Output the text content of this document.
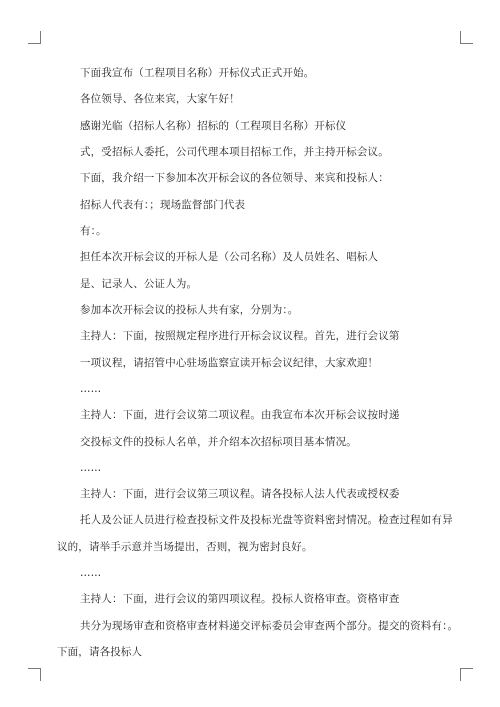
下面我宣布（工程项目名称）开标仪式正式开始。
各位领导、各位来宾，大家午好！
感谢光临（招标人名称）招标的（工程项目名称）开标仪
式，受招标人委托，公司代理本项目招标工作，并主持开标会议。
下面，我介绍一下参加本次开标会议的各位领导、来宾和投标人：
招标人代表有：；现场监督部门代表
有：。
担任本次开标会议的开标人是（公司名称）及人员姓名、唱标人
是、记录人、公证人为。
参加本次开标会议的投标人共有家，分别为：。
主持人：下面，按照规定程序进行开标会议议程。首先，进行会议第
一项议程，请招管中心驻场监察宣读开标会议纪律，大家欢迎！
……
主持人：下面，进行会议第二项议程。由我宣布本次开标会议按时递
交投标文件的投标人名单，并介绍本次招标项目基本情况。
……
主持人：下面，进行会议第三项议程。请各投标人法人代表或授权委
托人及公证人员进行检查投标文件及投标光盘等资料密封情况。检查过程如有异
议的，请举手示意并当场提出，否则，视为密封良好。
……
主持人：下面，进行会议的第四项议程。投标人资格审查。资格审查
共分为现场审查和资格审查材料递交评标委员会审查两个部分。提交的资料有：。
下面，请各投标人
